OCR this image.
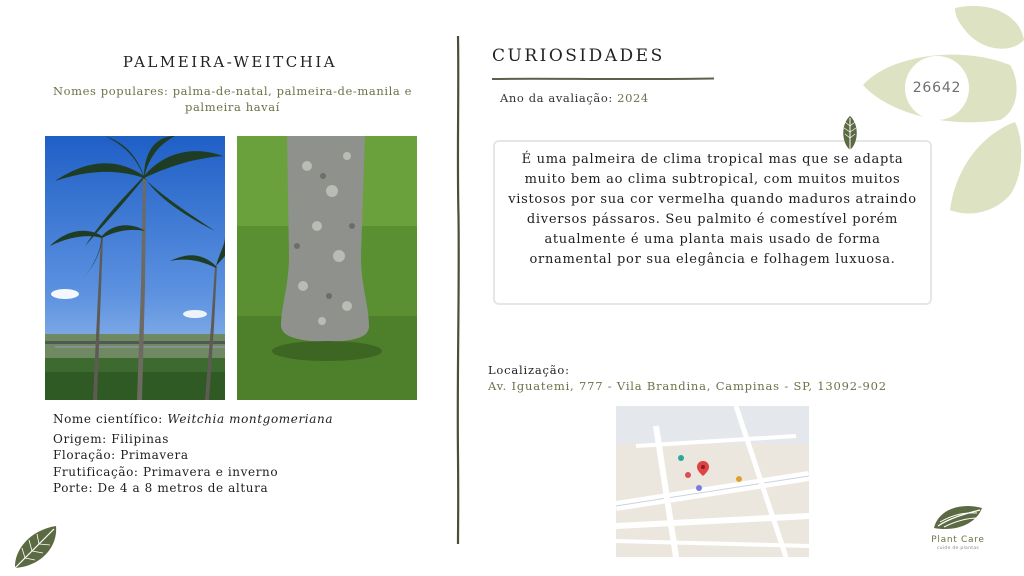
PALMEIRA-WEITCHIA
Nomes populares: palma-de-natal, palmeira-de-manila e palmeira havaí
Nome científico: Weitchia montgomeriana
Origem: Filipinas
Floração: Primavera
Frutificação: Primavera e inverno
Porte: De 4 a 8 metros de altura
CURIOSIDADES
Ano da avaliação: 2024
É uma palmeira de clima tropical mas que se adapta muito bem ao clima subtropical, com muitos muitos vistosos por sua cor vermelha quando maduros atraindo diversos pássaros. Seu palmito é comestível porém atualmente é uma planta mais usado de forma ornamental por sua elegância e folhagem luxuosa.
Localização:
Av. Iguatemi, 777 - Vila Brandina, Campinas - SP, 13092-902
26642
Plant Care
cuide de plantas
